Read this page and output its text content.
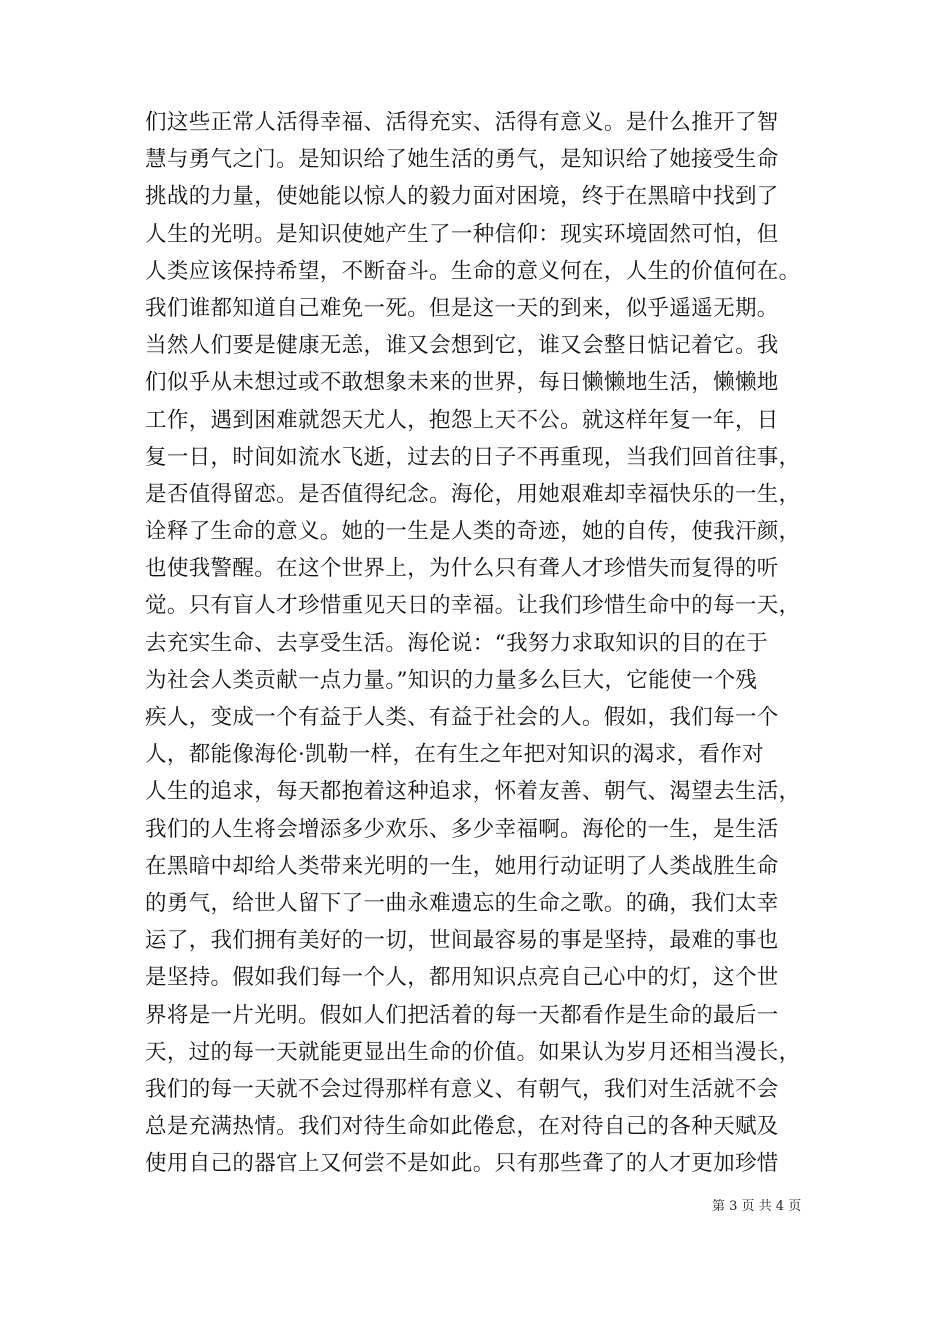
们这些正常人活得幸福、活得充实、活得有意义。是什么推开了智
慧与勇气之门。是知识给了她生活的勇气，是知识给了她接受生命
挑战的力量，使她能以惊人的毅力面对困境，终于在黑暗中找到了
人生的光明。是知识使她产生了一种信仰：现实环境固然可怕，但
人类应该保持希望，不断奋斗。生命的意义何在，人生的价值何在。
我们谁都知道自己难免一死。但是这一天的到来，似乎遥遥无期。
当然人们要是健康无恙，谁又会想到它，谁又会整日惦记着它。我
们似乎从未想过或不敢想象未来的世界，每日懒懒地生活，懒懒地
工作，遇到困难就怨天尤人，抱怨上天不公。就这样年复一年，日
复一日，时间如流水飞逝，过去的日子不再重现，当我们回首往事，
是否值得留恋。是否值得纪念。海伦，用她艰难却幸福快乐的一生，
诠释了生命的意义。她的一生是人类的奇迹，她的自传，使我汗颜，
也使我警醒。在这个世界上，为什么只有聋人才珍惜失而复得的听
觉。只有盲人才珍惜重见天日的幸福。让我们珍惜生命中的每一天，
去充实生命、去享受生活。海伦说：“我努力求取知识的目的在于
为社会人类贡献一点力量。”知识的力量多么巨大，它能使一个残
疾人，变成一个有益于人类、有益于社会的人。假如，我们每一个
人，都能像海伦·凯勒一样，在有生之年把对知识的渴求，看作对
人生的追求，每天都抱着这种追求，怀着友善、朝气、渴望去生活，
我们的人生将会增添多少欢乐、多少幸福啊。海伦的一生，是生活
在黑暗中却给人类带来光明的一生，她用行动证明了人类战胜生命
的勇气，给世人留下了一曲永难遗忘的生命之歌。的确，我们太幸
运了，我们拥有美好的一切，世间最容易的事是坚持，最难的事也
是坚持。假如我们每一个人，都用知识点亮自己心中的灯，这个世
界将是一片光明。假如人们把活着的每一天都看作是生命的最后一
天，过的每一天就能更显出生命的价值。如果认为岁月还相当漫长，
我们的每一天就不会过得那样有意义、有朝气，我们对生活就不会
总是充满热情。我们对待生命如此倦怠，在对待自己的各种天赋及
使用自己的器官上又何尝不是如此。只有那些聋了的人才更加珍惜
第 3 页 共 4 页
